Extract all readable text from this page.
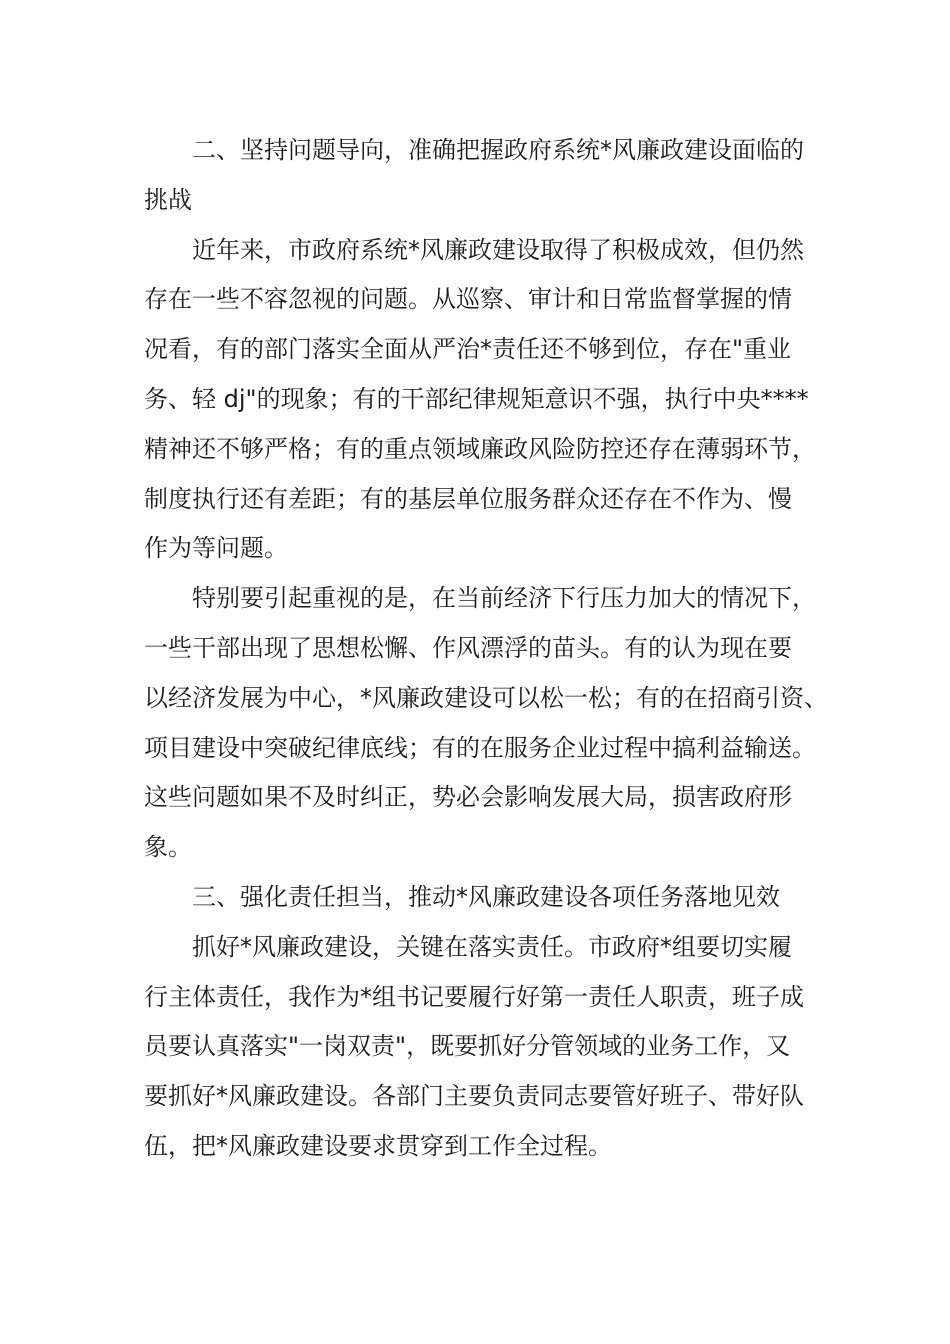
二、坚持问题导向，准确把握政府系统*风廉政建设面临的
挑战

近年来，市政府系统*风廉政建设取得了积极成效，但仍然
存在一些不容忽视的问题。从巡察、审计和日常监督掌握的情
况看，有的部门落实全面从严治*责任还不够到位，存在"重业
务、轻 dj"的现象；有的干部纪律规矩意识不强，执行中央****
精神还不够严格；有的重点领域廉政风险防控还存在薄弱环节，
制度执行还有差距；有的基层单位服务群众还存在不作为、慢
作为等问题。

特别要引起重视的是，在当前经济下行压力加大的情况下，
一些干部出现了思想松懈、作风漂浮的苗头。有的认为现在要
以经济发展为中心，*风廉政建设可以松一松；有的在招商引资、
项目建设中突破纪律底线；有的在服务企业过程中搞利益输送。
这些问题如果不及时纠正，势必会影响发展大局，损害政府形
象。

三、强化责任担当，推动*风廉政建设各项任务落地见效

抓好*风廉政建设，关键在落实责任。市政府*组要切实履
行主体责任，我作为*组书记要履行好第一责任人职责，班子成
员要认真落实"一岗双责"，既要抓好分管领域的业务工作，又
要抓好*风廉政建设。各部门主要负责同志要管好班子、带好队
伍，把*风廉政建设要求贯穿到工作全过程。
